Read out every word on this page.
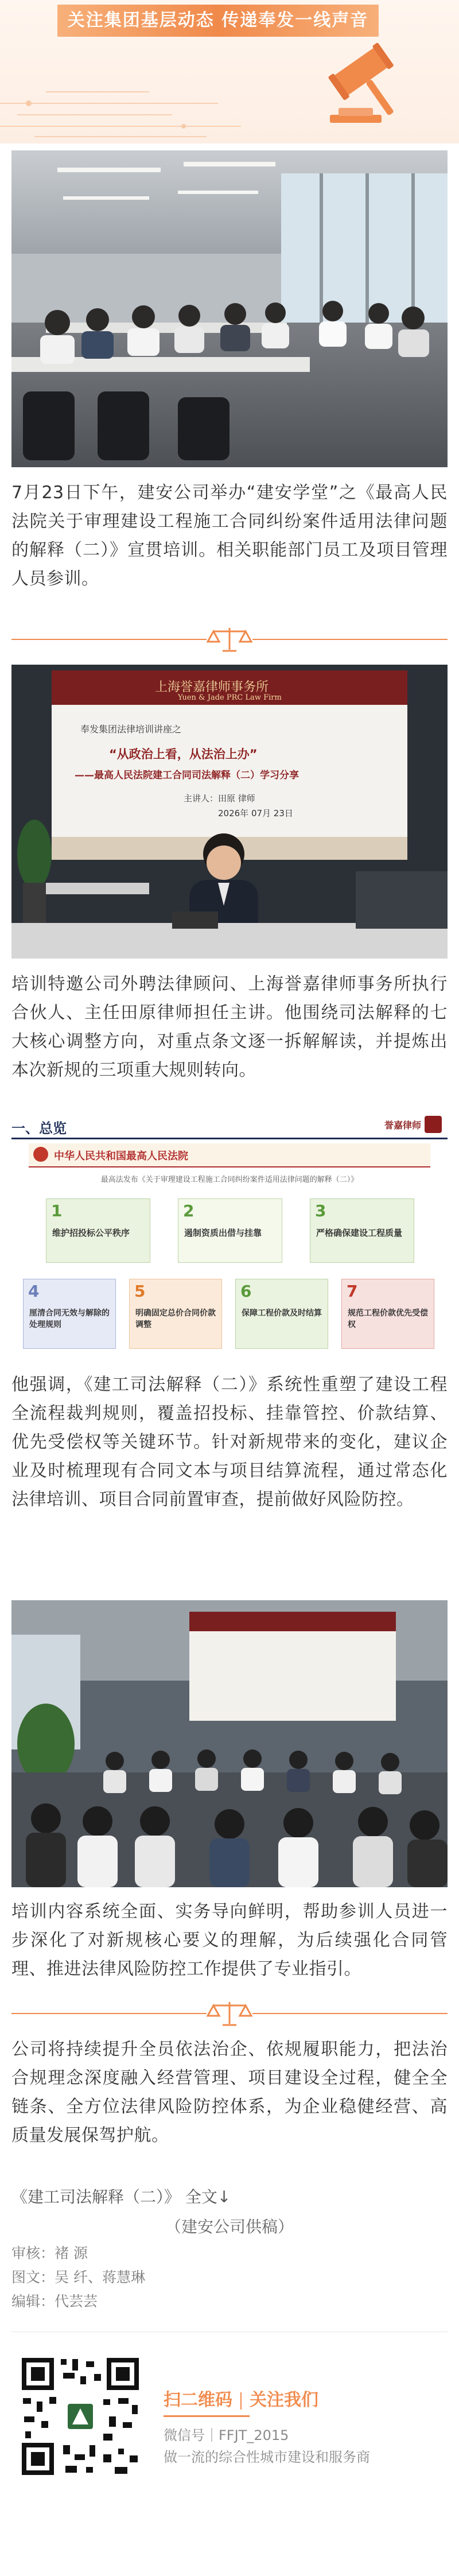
关注集团基层动态 传递奉发一线声音
7月23日下午，建安公司举办“建安学堂”之《最高人民法院关于审理建设工程施工合同纠纷案件适用法律问题的解释（二）》宣贯培训。相关职能部门员工及项目管理人员参训。
上海誉嘉律师事务所
Yuen & Jade PRC Law Firm
奉发集团法律培训讲座之
“从政治上看，从法治上办”
——最高人民法院建工合同司法解释（二）学习分享
主讲人：田原 律师
2026年 07月 23日
培训特邀公司外聘法律顾问、上海誉嘉律师事务所执行合伙人、主任田原律师担任主讲。他围绕司法解释的七大核心调整方向，对重点条文逐一拆解解读，并提炼出本次新规的三项重大规则转向。
一、总览	誉嘉律师
中华人民共和国最高人民法院
最高法发布《关于审理建设工程施工合同纠纷案件适用法律问题的解释（二）》
1
维护招投标公平秩序
2
遏制资质出借与挂靠
3
严格确保建设工程质量
4
厘清合同无效与解除的处理规则
5
明确固定总价合同价款调整
6
保障工程价款及时结算
7
规范工程价款优先受偿权
他强调，《建工司法解释（二）》系统性重塑了建设工程全流程裁判规则，覆盖招投标、挂靠管控、价款结算、优先受偿权等关键环节。针对新规带来的变化，建议企业及时梳理现有合同文本与项目结算流程，通过常态化法律培训、项目合同前置审查，提前做好风险防控。
培训内容系统全面、实务导向鲜明，帮助参训人员进一步深化了对新规核心要义的理解，为后续强化合同管理、推进法律风险防控工作提供了专业指引。
公司将持续提升全员依法治企、依规履职能力，把法治合规理念深度融入经营管理、项目建设全过程，健全全链条、全方位法律风险防控体系，为企业稳健经营、高质量发展保驾护航。
《建工司法解释（二）》 全文↓
（建安公司供稿）
审核：褚 源
图文：吴 纤、蒋慧琳
编辑：代芸芸
扫二维码 关注我们
微信号｜FFJT_2015
做一流的综合性城市建设和服务商
